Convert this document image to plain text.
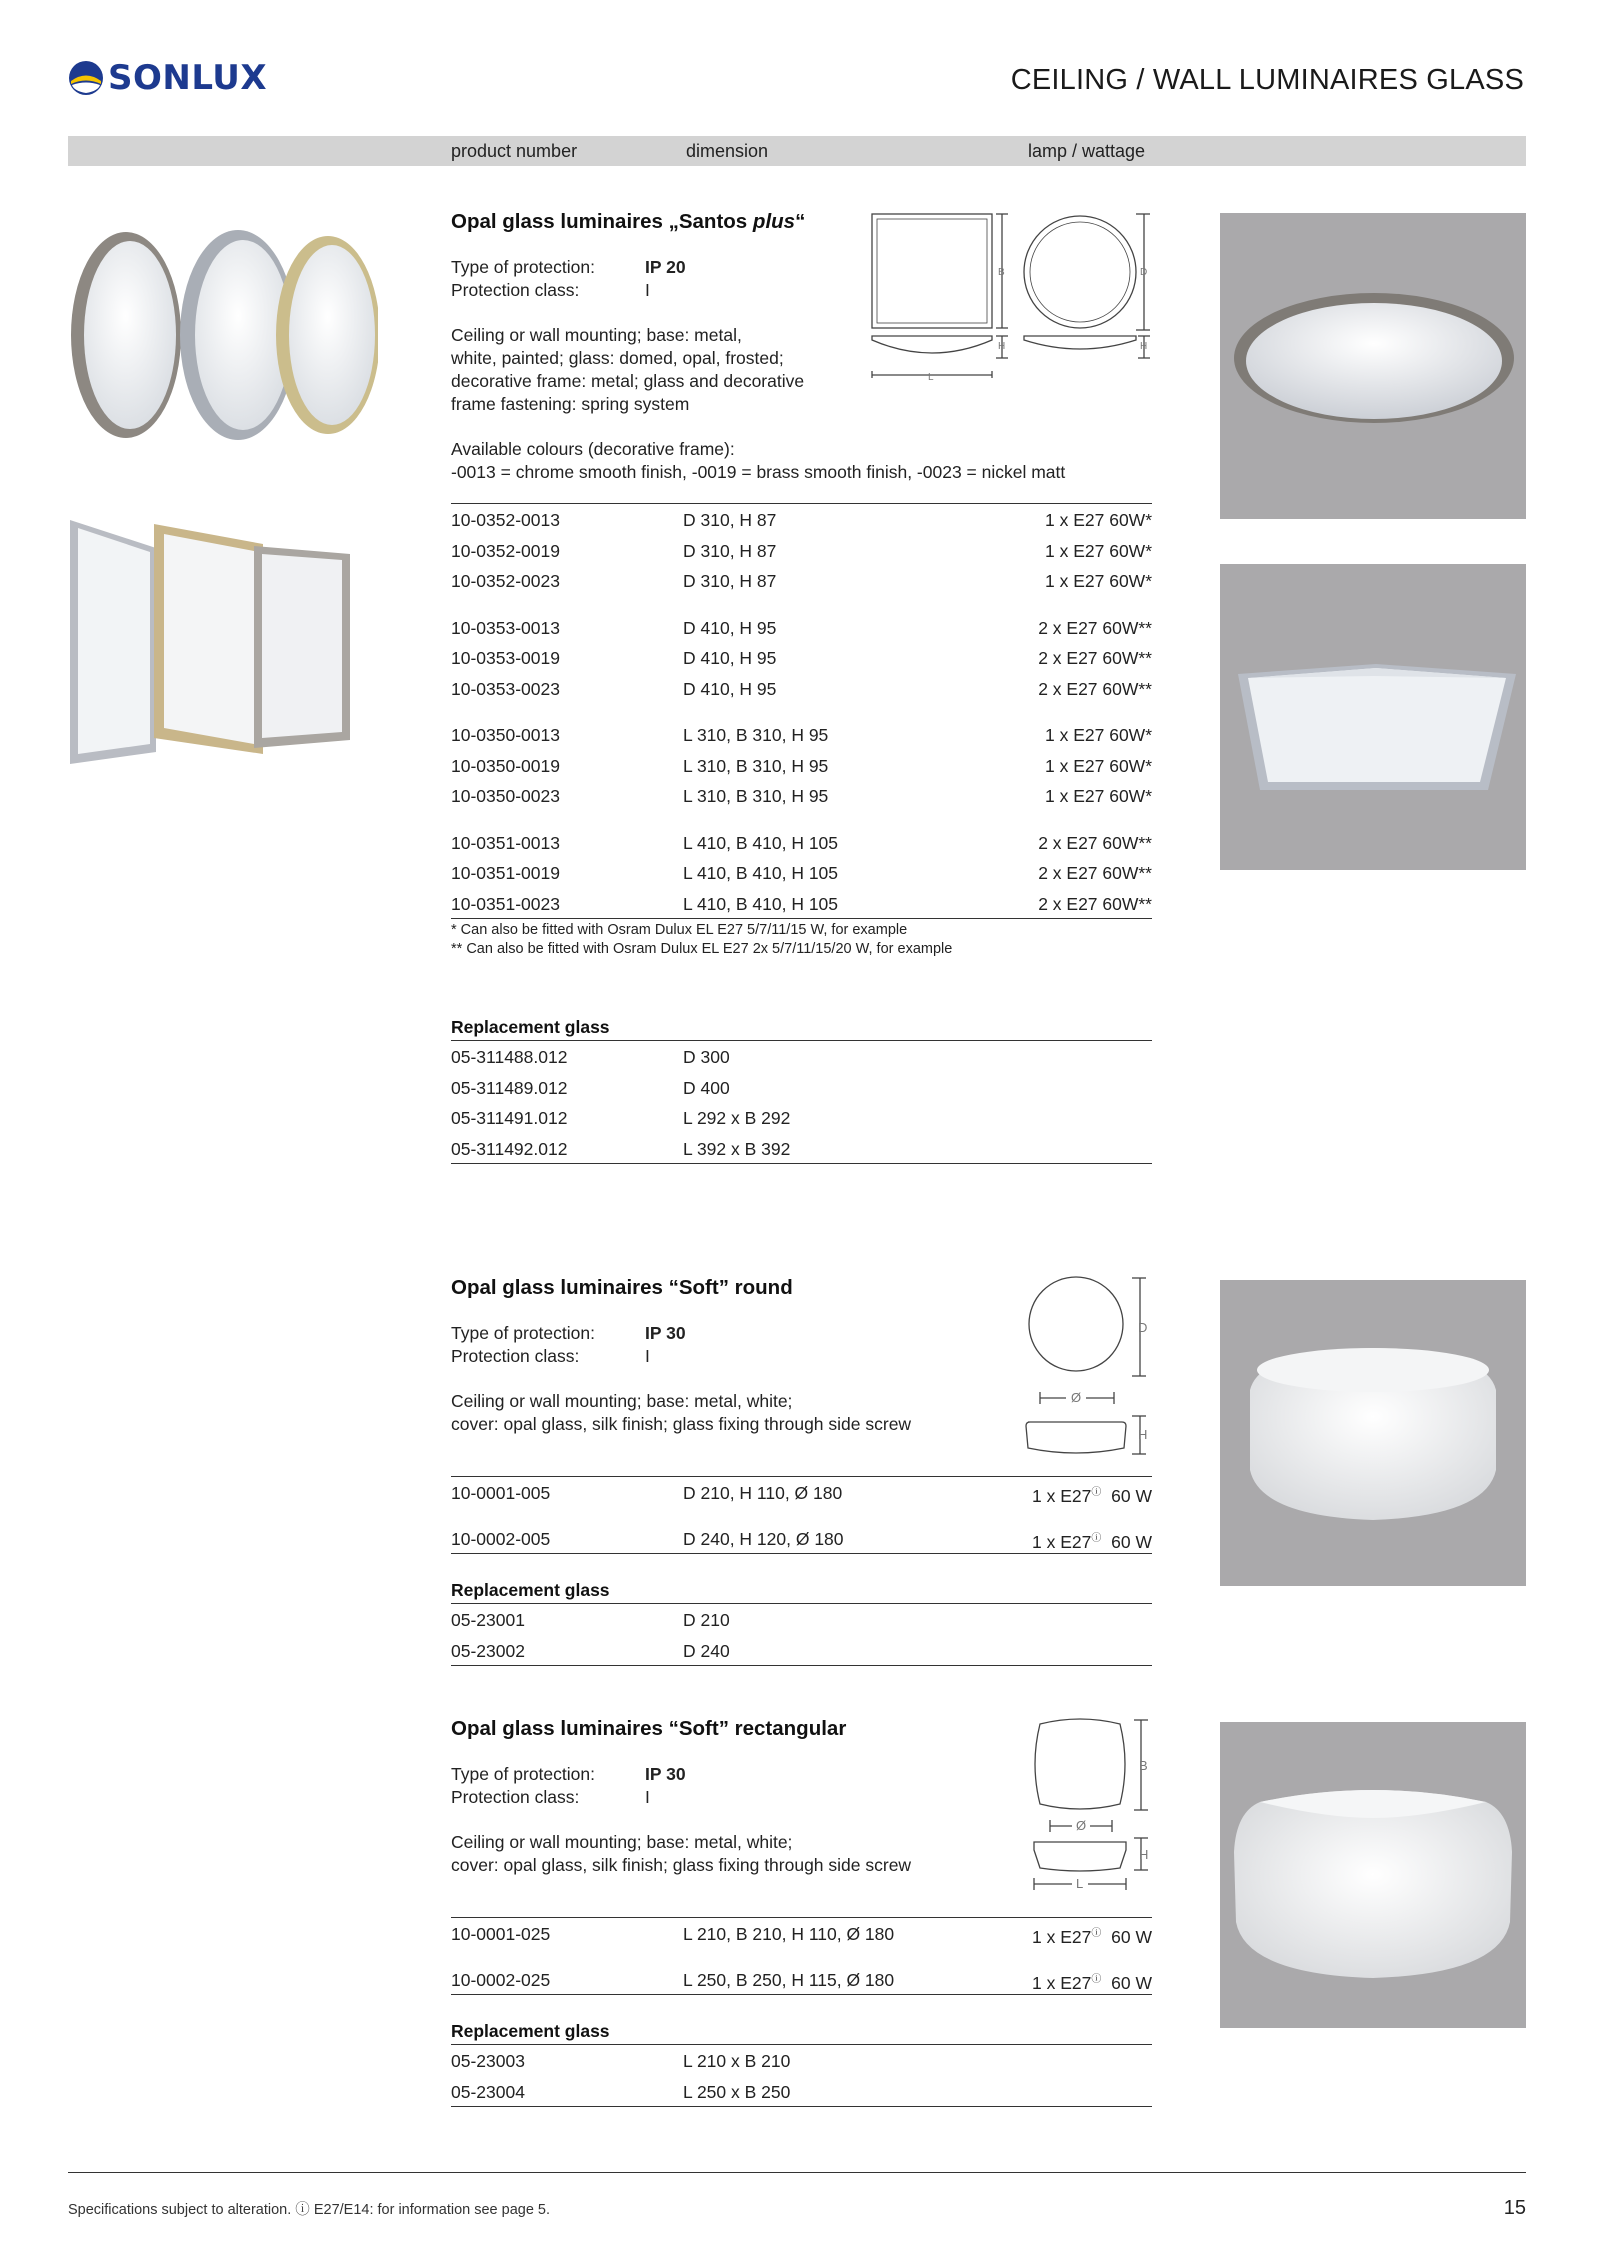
SONLUX	CEILING / WALL LUMINAIRES GLASS
product number	dimension	lamp / wattage
Opal glass luminaires „Santos plus“
Type of protection:	IP 20
Protection class:	I
Ceiling or wall mounting; base: metal,
white, painted; glass: domed, opal, frosted;
decorative frame: metal; glass and decorative
frame fastening: spring system
Available colours (decorative frame):
-0013 = chrome smooth finish, -0019 = brass smooth finish, -0023 = nickel matt
10-0352-0013	D 310, H 87	1 x E27 60W*
10-0352-0019	D 310, H 87	1 x E27 60W*
10-0352-0023	D 310, H 87	1 x E27 60W*
10-0353-0013	D 410, H 95	2 x E27 60W**
10-0353-0019	D 410, H 95	2 x E27 60W**
10-0353-0023	D 410, H 95	2 x E27 60W**
10-0350-0013	L 310, B 310, H 95	1 x E27 60W*
10-0350-0019	L 310, B 310, H 95	1 x E27 60W*
10-0350-0023	L 310, B 310, H 95	1 x E27 60W*
10-0351-0013	L 410, B 410, H 105	2 x E27 60W**
10-0351-0019	L 410, B 410, H 105	2 x E27 60W**
10-0351-0023	L 410, B 410, H 105	2 x E27 60W**
* Can also be fitted with Osram Dulux EL E27 5/7/11/15 W, for example
** Can also be fitted with Osram Dulux EL E27 2x 5/7/11/15/20 W, for example
Replacement glass
05-311488.012	D 300
05-311489.012	D 400
05-311491.012	L 292 x B 292
05-311492.012	L 392 x B 392
B
H
L
D
H
Opal glass luminaires “Soft” round
Type of protection:	IP 30
Protection class:	I
Ceiling or wall mounting; base: metal, white;
cover: opal glass, silk finish; glass fixing through side screw
10-0001-005	D 210, H 110, Ø 180	1 x E27ⓘ 60 W
10-0002-005	D 240, H 120, Ø 180	1 x E27ⓘ 60 W
Replacement glass
05-23001	D 210
05-23002	D 240
D
Ø
H
Opal glass luminaires “Soft” rectangular
Type of protection:	IP 30
Protection class:	I
Ceiling or wall mounting; base: metal, white;
cover: opal glass, silk finish; glass fixing through side screw
10-0001-025	L 210, B 210, H 110, Ø 180	1 x E27ⓘ 60 W
10-0002-025	L 250, B 250, H 115, Ø 180	1 x E27ⓘ 60 W
Replacement glass
05-23003	L 210 x B 210
05-23004	L 250 x B 250
B
Ø
H
L
Specifications subject to alteration. ⓘ E27/E14: for information see page 5.	15
